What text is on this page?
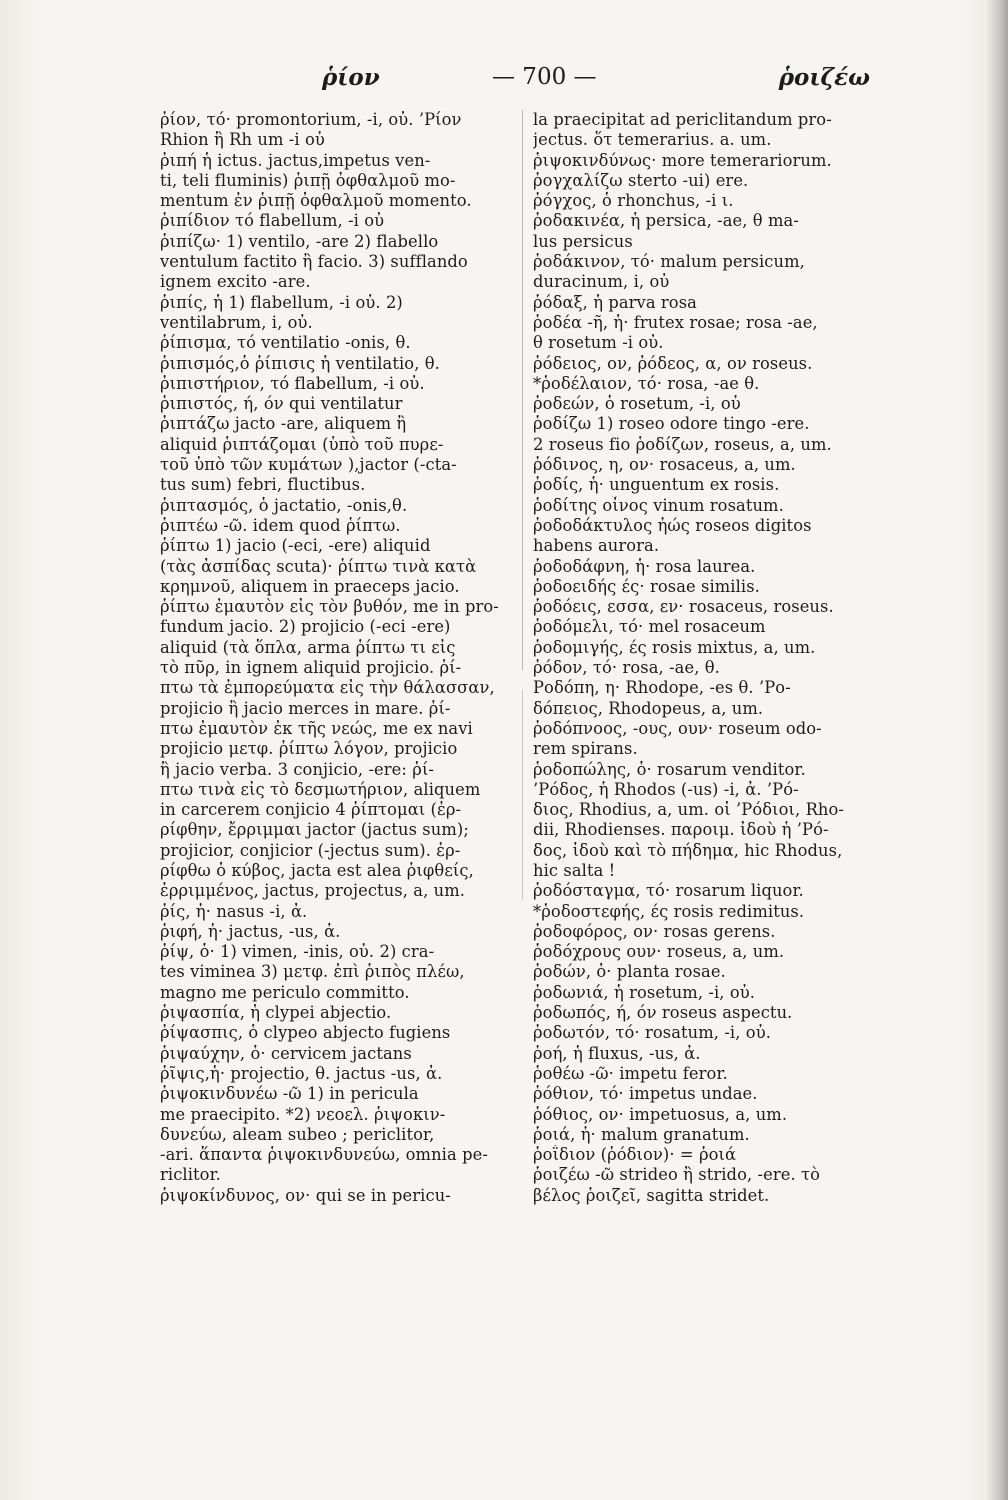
ῥίον	— 700 —	ῥοιζέω
ῥίον, τό· promontorium, -i, οὐ. ’Ρίον
Rhion ἢ Rh um -i οὐ
ῥιπή ἡ ictus. jactus,impetus ven-
ti, teli fluminis) ῥιπῇ ὀφθαλμοῦ mo-
mentum ἐν ῥιπῇ ὀφθαλμοῦ momento.
ῥιπίδιον τό flabellum, -i οὐ
ῥιπίζω· 1) ventilo, -are 2) flabello
ventulum factito ἢ facio. 3) sufflando
ignem excito -are.
ῥιπίς, ἡ 1) flabellum, -i οὐ. 2)
ventilabrum, i, οὐ.
ῥίπισμα, τό ventilatio -onis, θ.
ῥιπισμός,ὁ ῥίπισις ἡ ventilatio, θ.
ῥιπιστήριον, τό flabellum, -i οὐ.
ῥιπιστός, ή, όν qui ventilatur
ῥιπτάζω jacto -are, aliquem ἢ
aliquid ῥιπτάζομαι (ὑπὸ τοῦ πυρε-
τοῦ ὑπὸ τῶν κυμάτων ),jactor (-cta-
tus sum) febri, fluctibus.
ῥιπτασμός, ὁ jactatio, -onis,θ.
ῥιπτέω -ῶ. idem quod ῥίπτω.
ῥίπτω 1) jacio (-eci, -ere) aliquid
(τὰς ἀσπίδας scuta)· ῥίπτω τινὰ κατὰ
κρημνοῦ, aliquem in praeceps jacio.
ῥίπτω ἐμαυτὸν εἰς τὸν βυθόν, me in pro-
fundum jacio. 2) projicio (-eci -ere)
aliquid (τὰ ὅπλα, arma ῥίπτω τι εἰς
τὸ πῦρ, in ignem aliquid projicio. ῥί-
πτω τὰ ἐμπορεύματα εἰς τὴν θάλασσαν,
projicio ἢ jacio merces in mare. ῥί-
πτω ἐμαυτὸν ἐκ τῆς νεώς, me ex navi
projicio μετφ. ῥίπτω λόγον, projicio
ἢ jacio verba. 3 conjicio, -ere: ῥί-
πτω τινὰ εἰς τὸ δεσμωτήριον, aliquem
in carcerem conjicio 4 ῥίπτομαι (ἐρ-
ρίφθην, ἔρριμμαι jactor (jactus sum);
projicior, conjicior (-jectus sum). ἐρ-
ρίφθω ὁ κύβος, jacta est alea ῥιφθείς,
ἐρριμμένος, jactus, projectus, a, um.
ῥίς, ἡ· nasus -i, ἀ.
ῥιφή, ἡ· jactus, -us, ἀ.
ῥίψ, ὁ· 1) vimen, -inis, οὐ. 2) cra-
tes viminea 3) μετφ. ἐπὶ ῥιπὸς πλέω,
magno me periculo committo.
ῥιψασπία, ἡ clypei abjectio.
ῥίψασπις, ὁ clypeo abjecto fugiens
ῥιψαύχην, ὁ· cervicem jactans
ῥῖψις,ἡ· projectio, θ. jactus -us, ἀ.
ῥιψοκινδυνέω -ῶ 1) in pericula
me praecipito. *2) νεοελ. ῥιψοκιν-
δυνεύω, aleam subeo ; periclitor,
-ari. ἅπαντα ῥιψοκινδυνεύω, omnia pe-
riclitor.
ῥιψοκίνδυνος, ον· qui se in pericu-
la praecipitat ad periclitandum pro-
jectus. ὅτ temerarius. a. um.
ῥιψοκινδύνως· more temerariorum.
ῥογχαλίζω sterto -ui) ere.
ῥόγχος, ὁ rhonchus, -i ι.
ῥοδακινέα, ἡ persica, -ae, θ ma-
lus persicus
ῥοδάκινον, τό· malum persicum,
duracinum, i, οὐ
ῥόδαξ, ἡ parva rosa
ῥοδέα -ῆ, ἡ· frutex rosae; rosa -ae,
θ rosetum -i οὐ.
ῥόδειος, ον, ῥόδεος, α, ον roseus.
*ῥοδέλαιον, τό· rosa, -ae θ.
ῥοδεών, ὁ rosetum, -i, οὐ
ῥοδίζω 1) roseo odore tingo -ere.
2 roseus fio ῥοδίζων, roseus, a, um.
ῥόδινος, η, ον· rosaceus, a, um.
ῥοδίς, ἡ· unguentum ex rosis.
ῥοδίτης οἶνος vinum rosatum.
ῥοδοδάκτυλος ἠώς roseos digitos
habens aurora.
ῥοδοδάφνη, ἡ· rosa laurea.
ῥοδοειδής ές· rosae similis.
ῥοδόεις, εσσα, εν· rosaceus, roseus.
ῥοδόμελι, τό· mel rosaceum
ῥοδομιγής, ές rosis mixtus, a, um.
ῥόδον, τό· rosa, -ae, θ.
Ροδόπη, η· Rhodope, -es θ. ’Ρο-
δόπειος, Rhodopeus, a, um.
ῥοδόπνοος, -ους, ουν· roseum odo-
rem spirans.
ῥοδοπώλης, ὁ· rosarum venditor.
’Ρόδος, ἡ Rhodos (-us) -i, ἀ. ’Ρό-
διος, Rhodius, a, um. οἱ ’Ρόδιοι, Rho-
dii, Rhodienses. παροιμ. ἰδοὺ ἡ ’Ρό-
δος, ἰδοὺ καὶ τὸ πήδημα, hic Rhodus,
hic salta !
ῥοδόσταγμα, τό· rosarum liquor.
*ῥοδοστεφής, ές rosis redimitus.
ῥοδοφόρος, ον· rosas gerens.
ῥοδόχρους ουν· roseus, a, um.
ῥοδών, ὁ· planta rosae.
ῥοδωνιά, ἡ rosetum, -i, οὐ.
ῥοδωπός, ή, όν roseus aspectu.
ῥοδωτόν, τό· rosatum, -i, οὐ.
ῥοή, ἡ fluxus, -us, ἀ.
ῥοθέω -ῶ· impetu feror.
ῥόθιον, τό· impetus undae.
ῥόθιος, ον· impetuosus, a, um.
ῥοιά, ἡ· malum granatum.
ῥοΐδιον (ῥόδιον)· = ῥοιά
ῥοιζέω -ῶ strideo ἢ strido, -ere. τὸ
βέλος ῥοιζεῖ, sagitta stridet.
